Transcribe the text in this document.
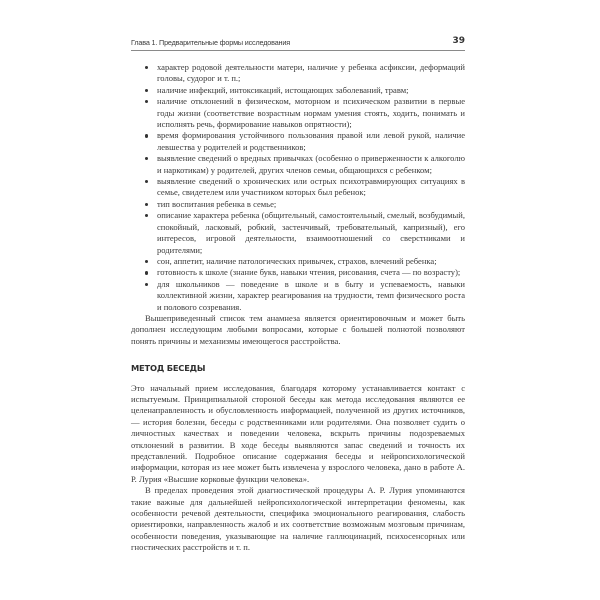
Глава 1. Предварительные формы исследования	39
характер родовой деятельности матери, наличие у ребенка асфиксии, деформаций головы, судорог и т. п.;
наличие инфекций, интоксикаций, истощающих заболеваний, травм;
наличие отклонений в физическом, моторном и психическом развитии в первые годы жизни (соответствие возрастным нормам умения стоять, ходить, понимать и исполнять речь, формирование навыков опрятности);
время формирования устойчивого пользования правой или левой рукой, наличие левшества у родителей и родственников;
выявление сведений о вредных привычках (особенно о приверженности к алкоголю и наркотикам) у родителей, других членов семьи, общающихся с ребенком;
выявление сведений о хронических или острых психотравмирующих ситуациях в семье, свидетелем или участником которых был ребенок;
тип воспитания ребенка в семье;
описание характера ребенка (общительный, самостоятельный, смелый, возбудимый, спокойный, ласковый, робкий, застенчивый, требовательный, капризный), его интересов, игровой деятельности, взаимоотношений со сверстниками и родителями;
сон, аппетит, наличие патологических привычек, страхов, влечений ребенка;
готовность к школе (знание букв, навыки чтения, рисования, счета — по возрасту);
для школьников — поведение в школе и в быту и успеваемость, навыки коллективной жизни, характер реагирования на трудности, темп физического роста и полового созревания.

Вышеприведенный список тем анамнеза является ориентировочным и может быть дополнен исследующим любыми вопросами, которые с большей полнотой позволяют понять причины и механизмы имеющегося расстройства.

МЕТОД БЕСЕДЫ

Это начальный прием исследования, благодаря которому устанавливается контакт с испытуемым. Принципиальной стороной беседы как метода исследования являются ее целенаправленность и обусловленность информацией, полученной из других источников, — история болезни, беседы с родственниками или родителями. Она позволяет судить о личностных качествах и поведении человека, вскрыть причины подозреваемых отклонений в развитии. В ходе беседы выявляются запас сведений и точность их представлений. Подробное описание содержания беседы и нейропсихологической информации, которая из нее может быть извлечена у взрослого человека, дано в работе А. Р. Лурия «Высшие корковые функции человека».

В пределах проведения этой диагностической процедуры А. Р. Лурия упоминаются такие важные для дальнейшей нейропсихологической интерпретации феномены, как особенности речевой деятельности, специфика эмоционального реагирования, слабость ориентировки, направленность жалоб и их соответствие возможным мозговым причинам, особенности поведения, указывающие на наличие галлюцинаций, психосенсорных или гностических расстройств и т. п.
